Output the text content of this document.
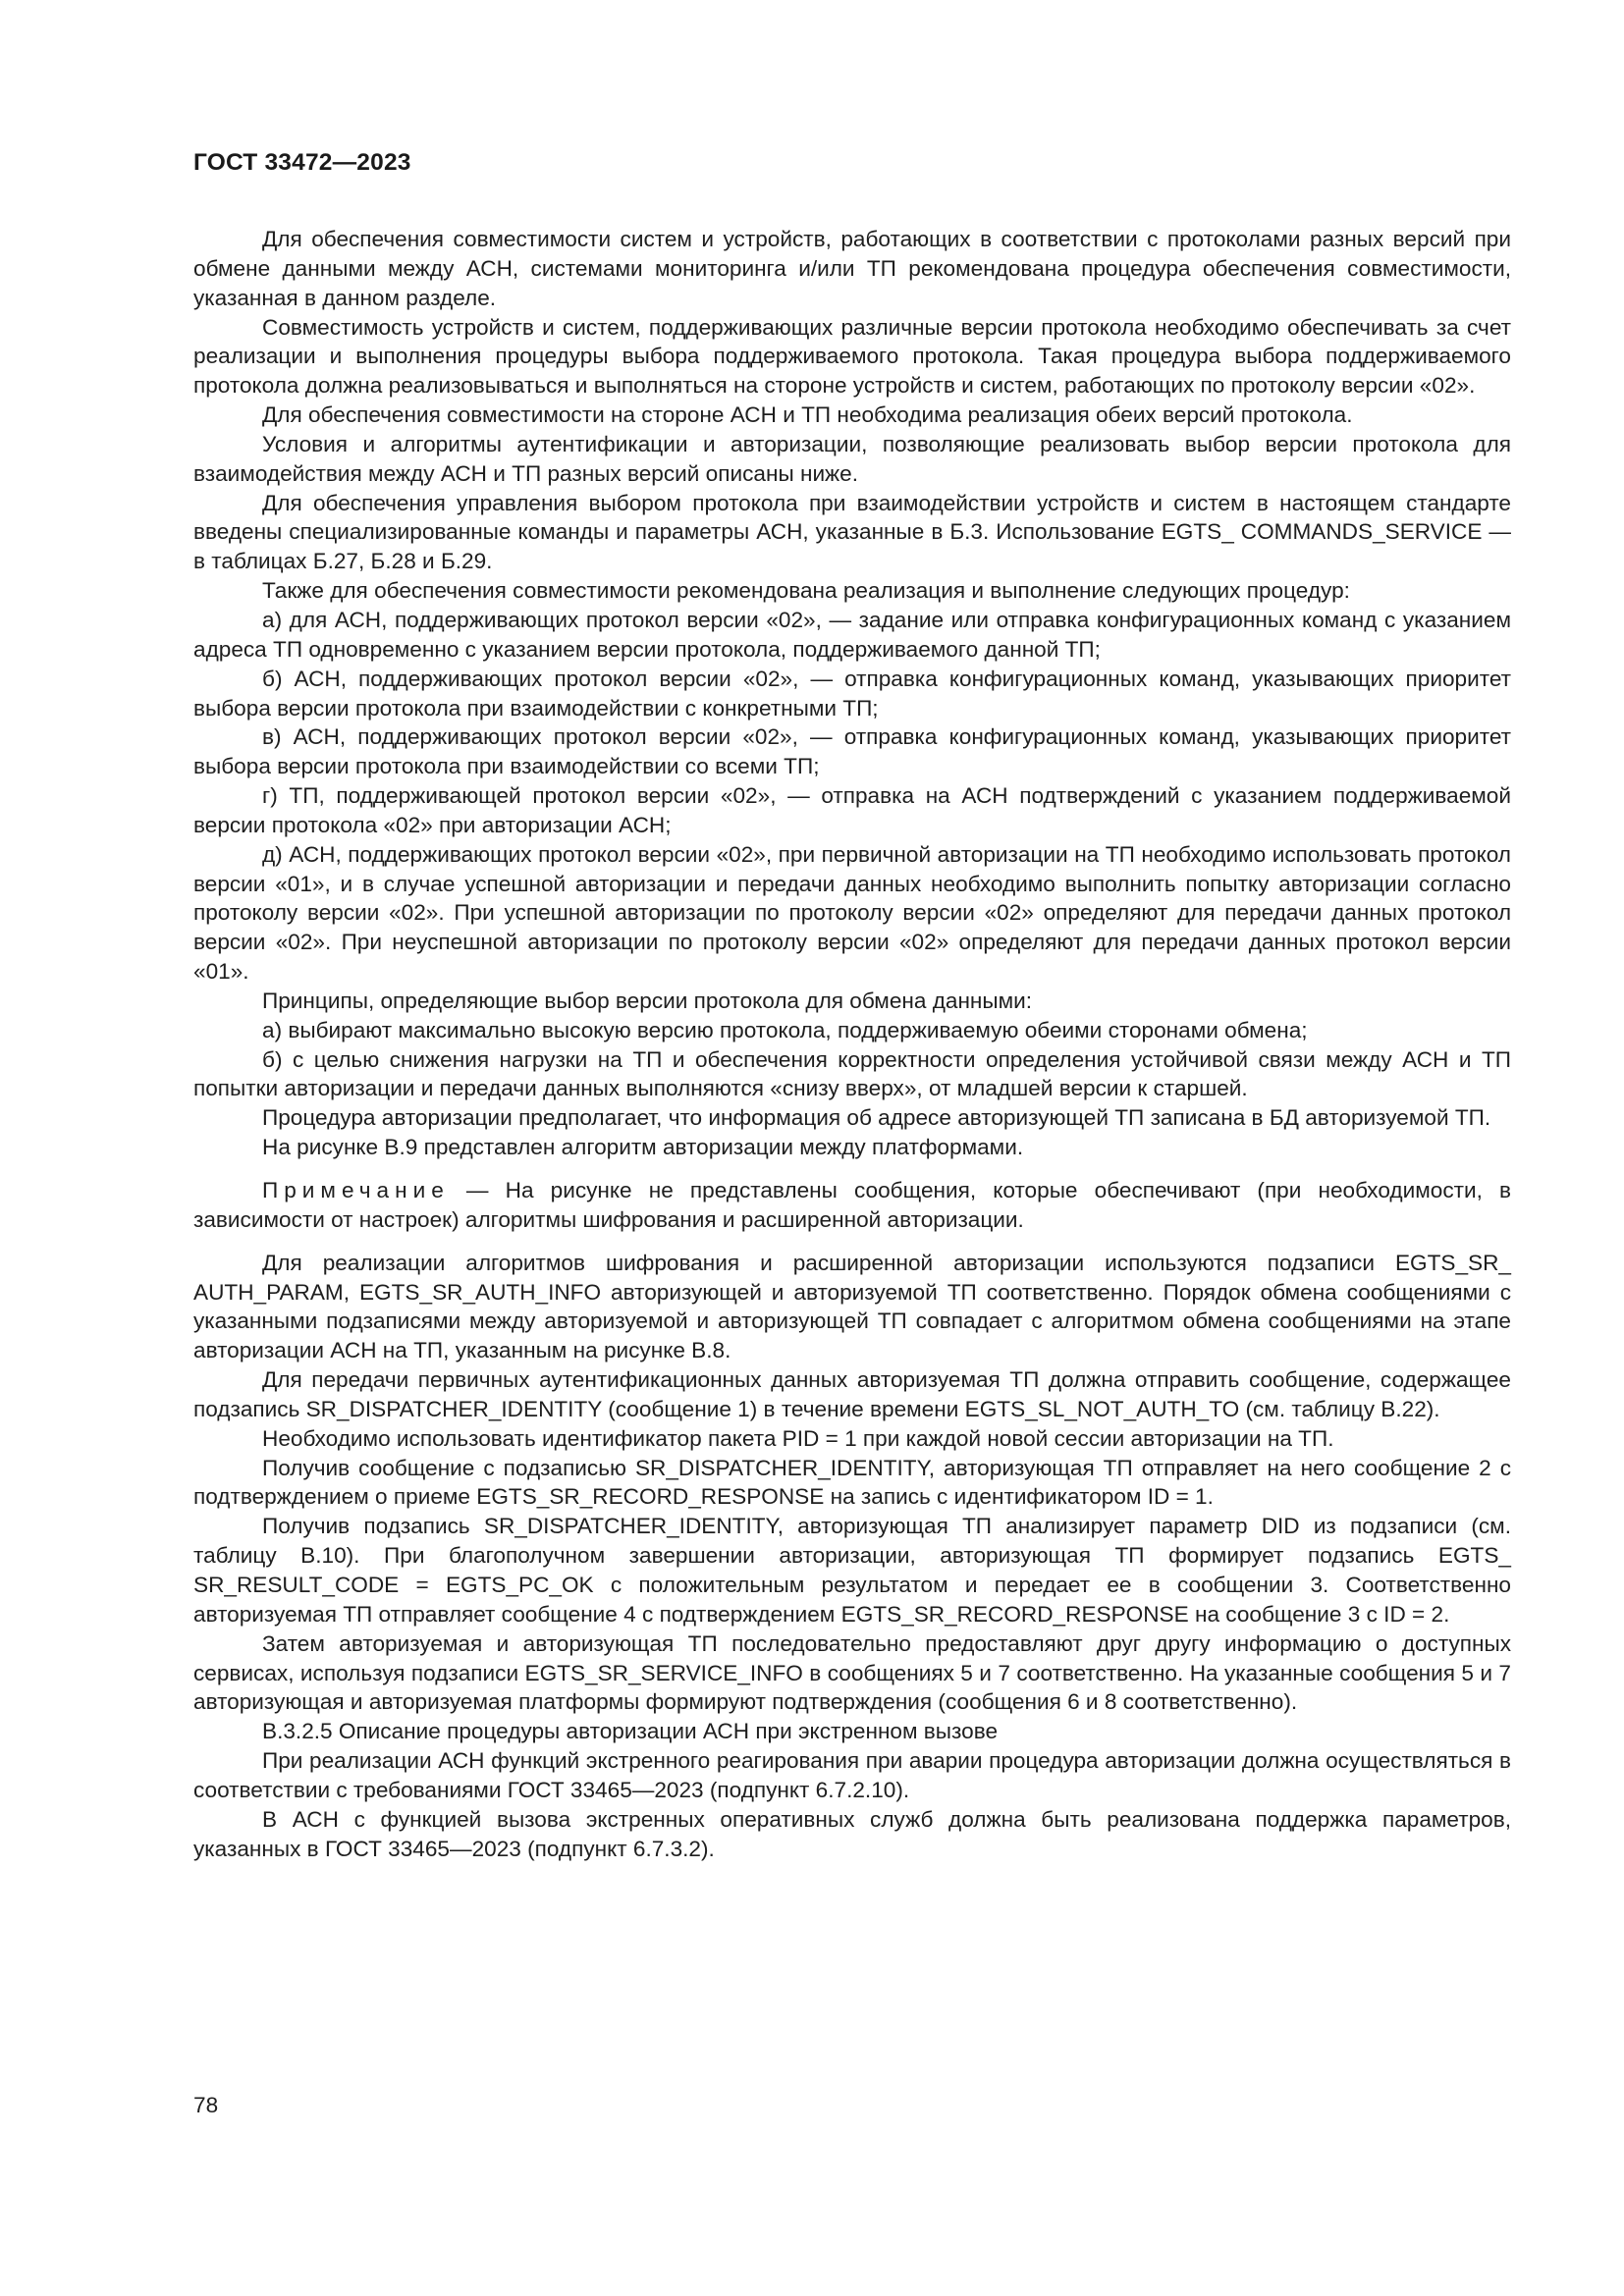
ГОСТ 33472—2023

Для обеспечения совместимости систем и устройств, работающих в соответствии с протоколами разных версий при обмене данными между АСН, системами мониторинга и/или ТП рекомендована процедура обеспечения совместимости, указанная в данном разделе.

Совместимость устройств и систем, поддерживающих различные версии протокола необходимо обеспечивать за счет реализации и выполнения процедуры выбора поддерживаемого протокола. Такая процедура выбора поддерживаемого протокола должна реализовываться и выполняться на стороне устройств и систем, работающих по протоколу версии «02».

Для обеспечения совместимости на стороне АСН и ТП необходима реализация обеих версий протокола.

Условия и алгоритмы аутентификации и авторизации, позволяющие реализовать выбор версии протокола для взаимодействия между АСН и ТП разных версий описаны ниже.

Для обеспечения управления выбором протокола при взаимодействии устройств и систем в настоящем стандарте введены специализированные команды и параметры АСН, указанные в Б.3. Использование EGTS_ COMMANDS_SERVICE — в таблицах Б.27, Б.28 и Б.29.

Также для обеспечения совместимости рекомендована реализация и выполнение следующих процедур:

а) для АСН, поддерживающих протокол версии «02», — задание или отправка конфигурационных команд с указанием адреса ТП одновременно с указанием версии протокола, поддерживаемого данной ТП;

б) АСН, поддерживающих протокол версии «02», — отправка конфигурационных команд, указывающих приоритет выбора версии протокола при взаимодействии с конкретными ТП;

в) АСН, поддерживающих протокол версии «02», — отправка конфигурационных команд, указывающих приоритет выбора версии протокола при взаимодействии со всеми ТП;

г) ТП, поддерживающей протокол версии «02», — отправка на АСН подтверждений с указанием поддерживаемой версии протокола «02» при авторизации АСН;

д) АСН, поддерживающих протокол версии «02», при первичной авторизации на ТП необходимо использовать протокол версии «01», и в случае успешной авторизации и передачи данных необходимо выполнить попытку авторизации согласно протоколу версии «02». При успешной авторизации по протоколу версии «02» определяют для передачи данных протокол версии «02». При неуспешной авторизации по протоколу версии «02» определяют для передачи данных протокол версии «01».

Принципы, определяющие выбор версии протокола для обмена данными:

а) выбирают максимально высокую версию протокола, поддерживаемую обеими сторонами обмена;

б) с целью снижения нагрузки на ТП и обеспечения корректности определения устойчивой связи между АСН и ТП попытки авторизации и передачи данных выполняются «снизу вверх», от младшей версии к старшей.

Процедура авторизации предполагает, что информация об адресе авторизующей ТП записана в БД авторизуемой ТП.

На рисунке В.9 представлен алгоритм авторизации между платформами.

Примечание — На рисунке не представлены сообщения, которые обеспечивают (при необходимости, в зависимости от настроек) алгоритмы шифрования и расширенной авторизации.

Для реализации алгоритмов шифрования и расширенной авторизации используются подзаписи EGTS_SR_ AUTH_PARAM, EGTS_SR_AUTH_INFO авторизующей и авторизуемой ТП соответственно. Порядок обмена сообщениями с указанными подзаписями между авторизуемой и авторизующей ТП совпадает с алгоритмом обмена сообщениями на этапе авторизации АСН на ТП, указанным на рисунке В.8.

Для передачи первичных аутентификационных данных авторизуемая ТП должна отправить сообщение, содержащее подзапись SR_DISPATCHER_IDENTITY (сообщение 1) в течение времени EGTS_SL_NOT_AUTH_TO (см. таблицу В.22).

Необходимо использовать идентификатор пакета PID = 1 при каждой новой сессии авторизации на ТП.

Получив сообщение с подзаписью SR_DISPATCHER_IDENTITY, авторизующая ТП отправляет на него сообщение 2 с подтверждением о приеме EGTS_SR_RECORD_RESPONSE на запись с идентификатором ID = 1.

Получив подзапись SR_DISPATCHER_IDENTITY, авторизующая ТП анализирует параметр DID из подзаписи (см. таблицу В.10). При благополучном завершении авторизации, авторизующая ТП формирует подзапись EGTS_ SR_RESULT_CODE = EGTS_PC_OK с положительным результатом и передает ее в сообщении 3. Соответственно авторизуемая ТП отправляет сообщение 4 с подтверждением EGTS_SR_RECORD_RESPONSE на сообщение 3 с ID = 2.

Затем авторизуемая и авторизующая ТП последовательно предоставляют друг другу информацию о доступных сервисах, используя подзаписи EGTS_SR_SERVICE_INFO в сообщениях 5 и 7 соответственно. На указанные сообщения 5 и 7 авторизующая и авторизуемая платформы формируют подтверждения (сообщения 6 и 8 соответственно).

В.3.2.5 Описание процедуры авторизации АСН при экстренном вызове

При реализации АСН функций экстренного реагирования при аварии процедура авторизации должна осуществляться в соответствии с требованиями ГОСТ 33465—2023 (подпункт 6.7.2.10).

В АСН с функцией вызова экстренных оперативных служб должна быть реализована поддержка параметров, указанных в ГОСТ 33465—2023 (подпункт 6.7.3.2).

78
